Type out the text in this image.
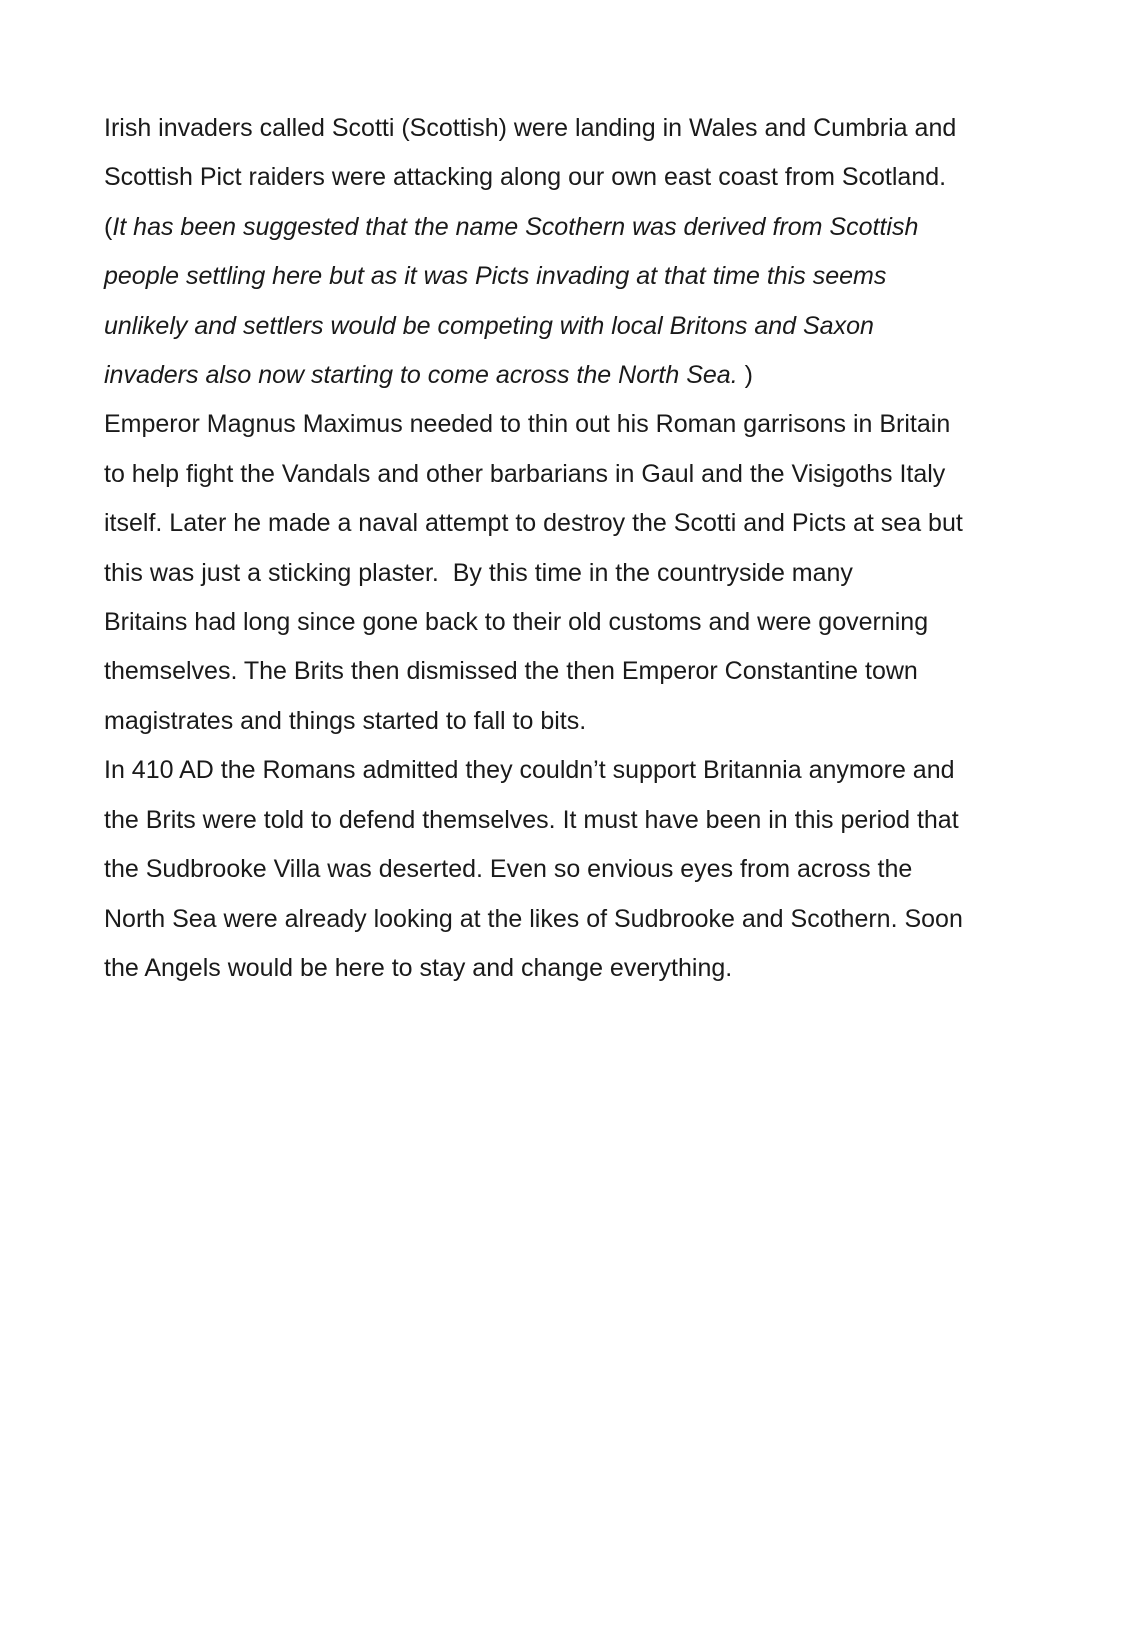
Irish invaders called Scotti (Scottish) were landing in Wales and Cumbria and
Scottish Pict raiders were attacking along our own east coast from Scotland.
(It has been suggested that the name Scothern was derived from Scottish
people settling here but as it was Picts invading at that time this seems
unlikely and settlers would be competing with local Britons and Saxon
invaders also now starting to come across the North Sea. )
Emperor Magnus Maximus needed to thin out his Roman garrisons in Britain
to help fight the Vandals and other barbarians in Gaul and the Visigoths Italy
itself. Later he made a naval attempt to destroy the Scotti and Picts at sea but
this was just a sticking plaster.  By this time in the countryside many
Britains had long since gone back to their old customs and were governing
themselves. The Brits then dismissed the then Emperor Constantine town
magistrates and things started to fall to bits.
In 410 AD the Romans admitted they couldn’t support Britannia anymore and
the Brits were told to defend themselves. It must have been in this period that
the Sudbrooke Villa was deserted. Even so envious eyes from across the
North Sea were already looking at the likes of Sudbrooke and Scothern. Soon
the Angels would be here to stay and change everything.
